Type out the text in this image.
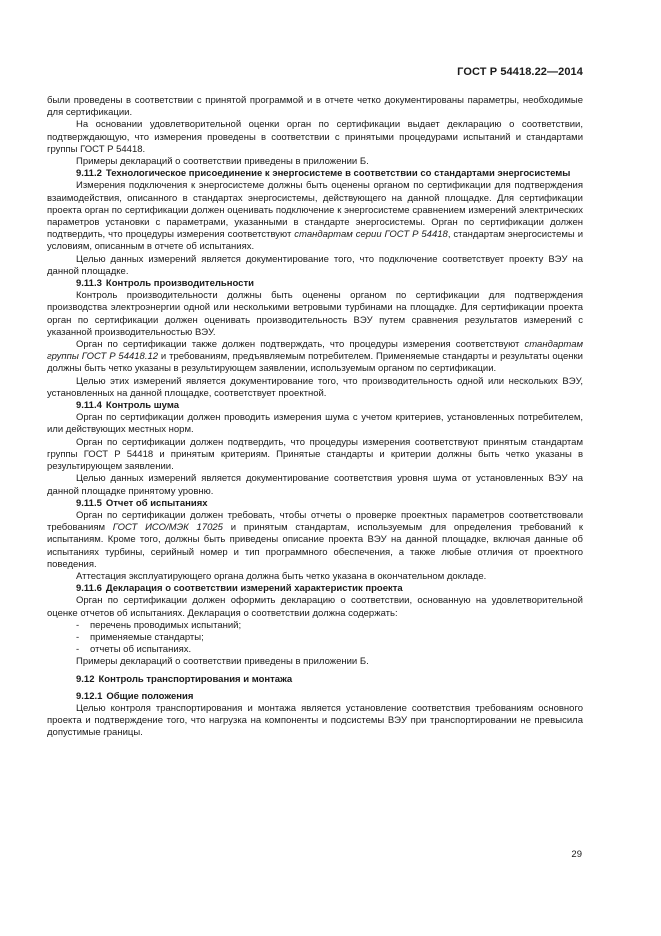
ГОСТ Р 54418.22—2014

были проведены в соответствии с принятой программой и в отчете четко документированы параметры, необходимые для сертификации.

На основании удовлетворительной оценки орган по сертификации выдает декларацию о соответствии, подтверждающую, что измерения проведены в соответствии с принятыми процедурами испытаний и стандартами группы ГОСТ Р 54418.

Примеры деклараций о соответствии приведены в приложении Б.

9.11.2 Технологическое присоединение к энергосистеме в соответствии со стандартами энергосистемы

Измерения подключения к энергосистеме должны быть оценены органом по сертификации для подтверждения взаимодействия, описанного в стандартах энергосистемы, действующего на данной площадке. Для сертификации проекта орган по сертификации должен оценивать подключение к энергосистеме сравнением измерений электрических параметров установки с параметрами, указанными в стандарте энергосистемы. Орган по сертификации должен подтвердить, что процедуры измерения соответствуют стандартам серии ГОСТ Р 54418, стандартам энергосистемы и условиям, описанным в отчете об испытаниях.

Целью данных измерений является документирование того, что подключение соответствует проекту ВЭУ на данной площадке.

9.11.3 Контроль производительности

Контроль производительности должны быть оценены органом по сертификации для подтверждения производства электроэнергии одной или несколькими ветровыми турбинами на площадке. Для сертификации проекта орган по сертификации должен оценивать производительность ВЭУ путем сравнения результатов измерений с указанной производительностью ВЭУ.

Орган по сертификации также должен подтверждать, что процедуры измерения соответствуют стандартам группы ГОСТ Р 54418.12 и требованиям, предъявляемым потребителем. Применяемые стандарты и результаты оценки должны быть четко указаны в результирующем заявлении, используемым органом по сертификации.

Целью этих измерений является документирование того, что производительность одной или нескольких ВЭУ, установленных на данной площадке, соответствует проектной.

9.11.4 Контроль шума

Орган по сертификации должен проводить измерения шума с учетом критериев, установленных потребителем, или действующих местных норм.

Орган по сертификации должен подтвердить, что процедуры измерения соответствуют принятым стандартам группы ГОСТ Р 54418 и принятым критериям. Принятые стандарты и критерии должны быть четко указаны в результирующем заявлении.

Целью данных измерений является документирование соответствия уровня шума от установленных ВЭУ на данной площадке принятому уровню.

9.11.5 Отчет об испытаниях

Орган по сертификации должен требовать, чтобы отчеты о проверке проектных параметров соответствовали требованиям ГОСТ ИСО/МЭК 17025 и принятым стандартам, используемым для определения требований к испытаниям. Кроме того, должны быть приведены описание проекта ВЭУ на данной площадке, включая данные об испытаниях турбины, серийный номер и тип программного обеспечения, а также любые отличия от проектного поведения.

Аттестация эксплуатирующего органа должна быть четко указана в окончательном докладе.

9.11.6 Декларация о соответствии измерений характеристик проекта

Орган по сертификации должен оформить декларацию о соответствии, основанную на удовлетворительной оценке отчетов об испытаниях. Декларация о соответствии должна содержать:

- перечень проводимых испытаний;

- применяемые стандарты;

- отчеты об испытаниях.

Примеры деклараций о соответствии приведены в приложении Б.

9.12 Контроль транспортирования и монтажа

9.12.1 Общие положения

Целью контроля транспортирования и монтажа является установление соответствия требованиям основного проекта и подтверждение того, что нагрузка на компоненты и подсистемы ВЭУ при транспортировании не превысила допустимые границы.

29
